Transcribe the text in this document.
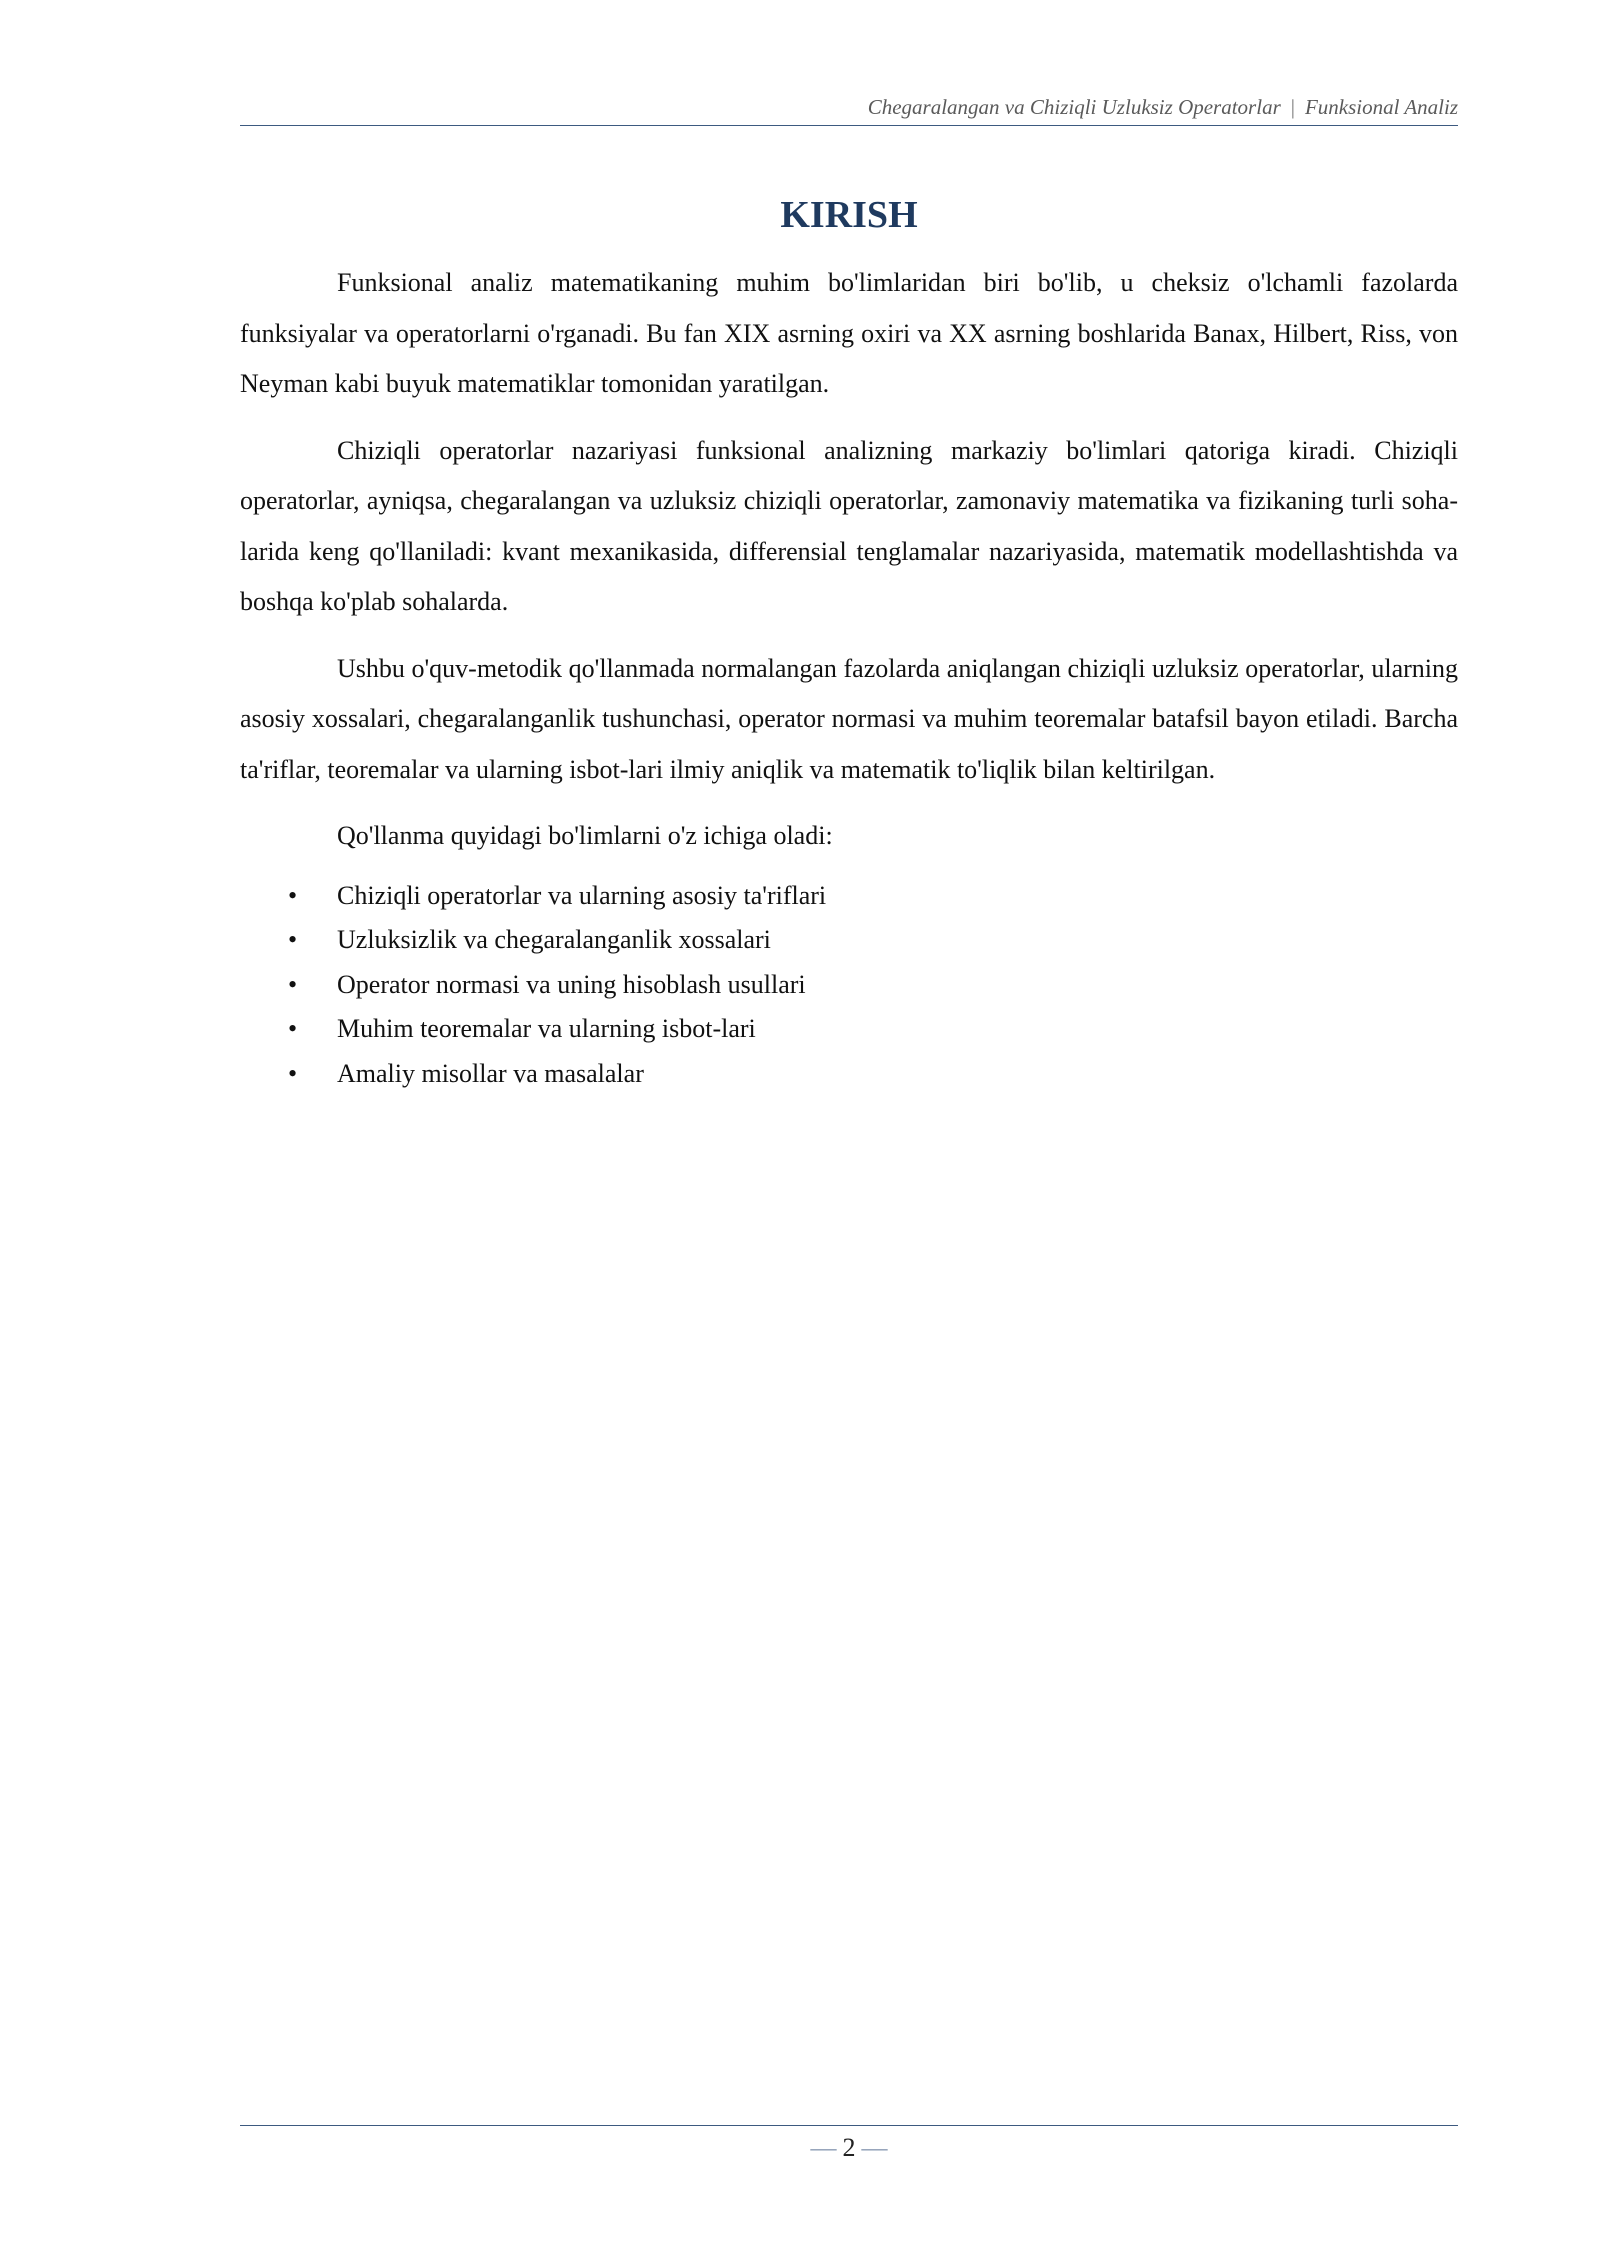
Chegaralangan va Chiziqli Uzluksiz Operatorlar | Funksional Analiz
KIRISH

Funksional analiz matematikaning muhim bo'limlaridan biri bo'lib, u cheksiz o'lchamli fazolarda funksiyalar va operatorlarni o'rganadi. Bu fan XIX asrning oxiri va XX asrning boshlarida Banax, Hilbert, Riss, von Neyman kabi buyuk matematiklar tomonidan yaratilgan.

Chiziqli operatorlar nazariyasi funksional analizning markaziy bo'limlari qatoriga kiradi. Chiziqli operatorlar, ayniqsa, chegaralangan va uzluksiz chiziqli operatorlar, zamonaviy matematika va fizikaning turli soha-larida keng qo'llaniladi: kvant mexanikasida, differensial tenglamalar nazariyasida, matematik modellashtishda va boshqa ko'plab sohalarda.

Ushbu o'quv-metodik qo'llanmada normalangan fazolarda aniqlangan chiziqli uzluksiz operatorlar, ularning asosiy xossalari, chegaralanganlik tushunchasi, operator normasi va muhim teoremalar batafsil bayon etiladi. Barcha ta'riflar, teoremalar va ularning isbot-lari ilmiy aniqlik va matematik to'liqlik bilan keltirilgan.

Qo'llanma quyidagi bo'limlarni o'z ichiga oladi:

• Chiziqli operatorlar va ularning asosiy ta'riflari
• Uzluksizlik va chegaralanganlik xossalari
• Operator normasi va uning hisoblash usullari
• Muhim teoremalar va ularning isbot-lari
• Amaliy misollar va masalalar
— 2 —
